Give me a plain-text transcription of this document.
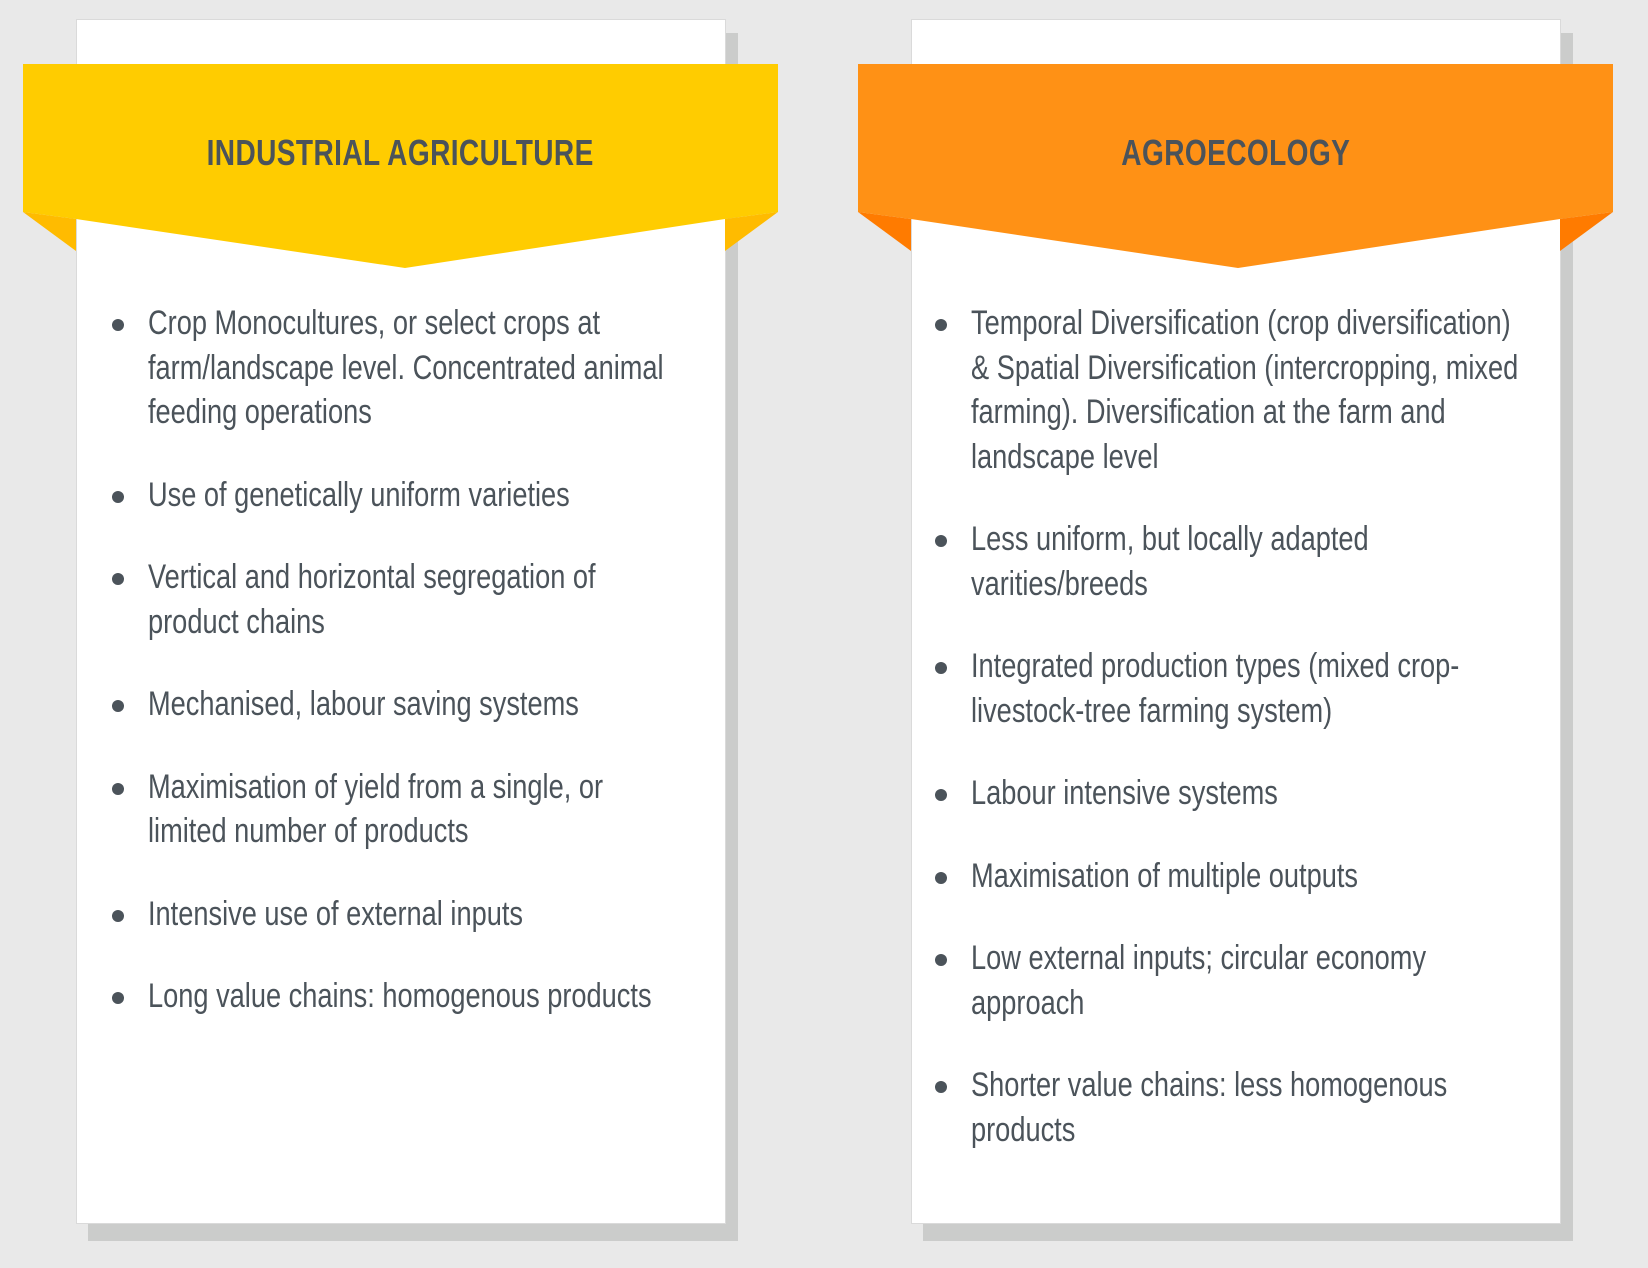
INDUSTRIAL AGRICULTURE
Crop Monocultures, or select crops at farm/landscape level. Concentrated animal feeding operations
Use of genetically uniform varieties
Vertical and horizontal segregation of product chains
Mechanised, labour saving systems
Maximisation of yield from a single, or limited number of products
Intensive use of external inputs
Long value chains: homogenous products
AGROECOLOGY
Temporal Diversification (crop diversification) & Spatial Diversification (intercropping, mixed farming). Diversification at the farm and landscape level
Less uniform, but locally adapted varities/breeds
Integrated production types (mixed crop-livestock-tree farming system)
Labour intensive systems
Maximisation of multiple outputs
Low external inputs; circular economy approach
Shorter value chains: less homogenous products
